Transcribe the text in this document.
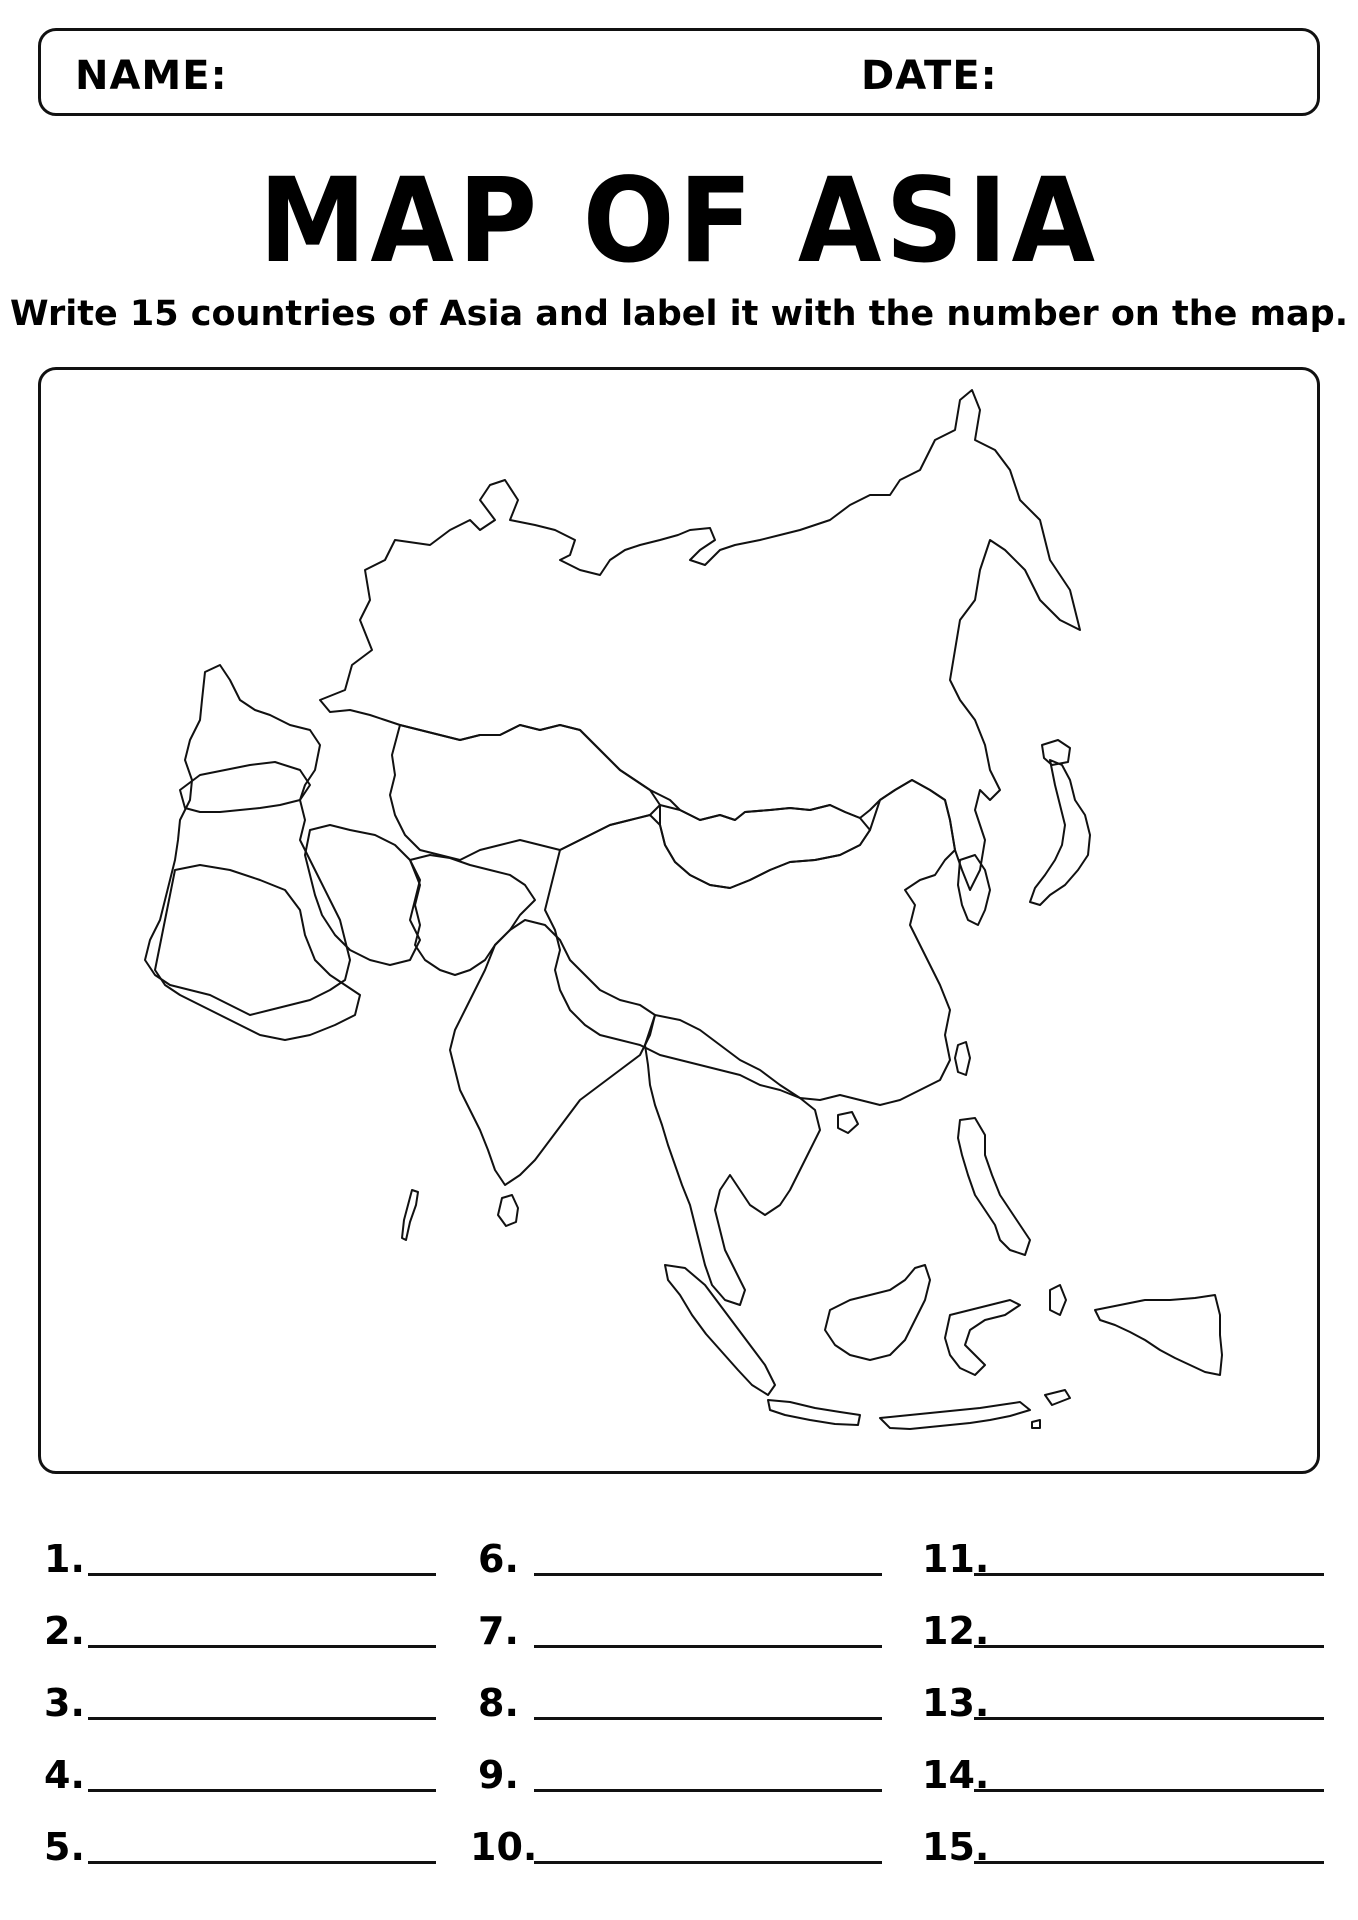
NAME:	DATE:
MAP OF ASIA
Write 15 countries of Asia and label it with the number on the map.
1.
2.
3.
4.
5.
6.
7.
8.
9.
10.
11.
12.
13.
14.
15.
